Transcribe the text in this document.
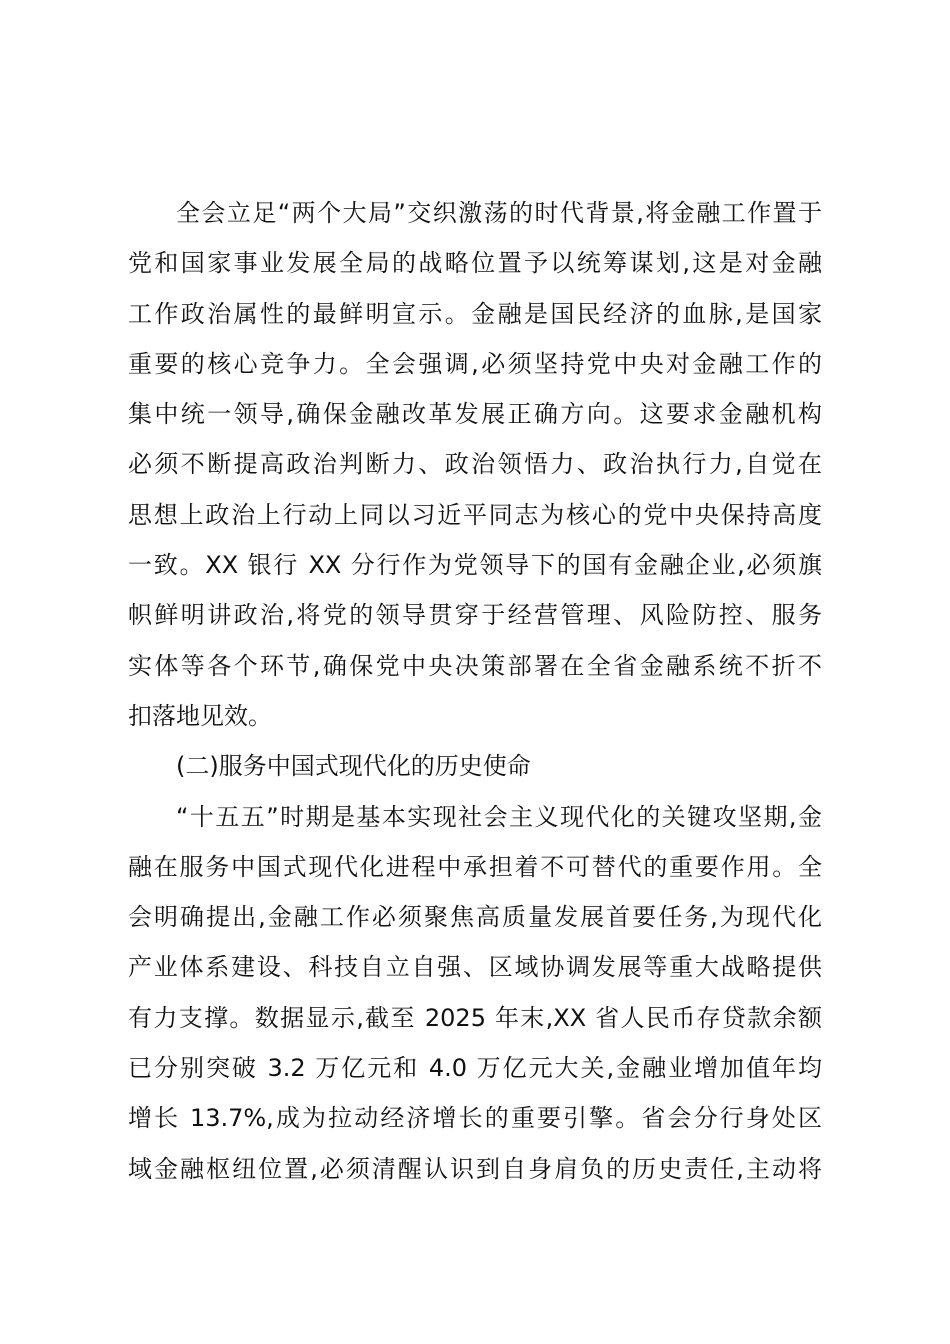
全会立足“两个大局”交织激荡的时代背景,将金融工作置于
党和国家事业发展全局的战略位置予以统筹谋划,这是对金融
工作政治属性的最鲜明宣示。金融是国民经济的血脉,是国家
重要的核心竞争力。全会强调,必须坚持党中央对金融工作的
集中统一领导,确保金融改革发展正确方向。这要求金融机构
必须不断提高政治判断力、政治领悟力、政治执行力,自觉在
思想上政治上行动上同以习近平同志为核心的党中央保持高度
一致。XX 银行 XX 分行作为党领导下的国有金融企业,必须旗
帜鲜明讲政治,将党的领导贯穿于经营管理、风险防控、服务
实体等各个环节,确保党中央决策部署在全省金融系统不折不
扣落地见效。
(二)服务中国式现代化的历史使命
“十五五”时期是基本实现社会主义现代化的关键攻坚期,金
融在服务中国式现代化进程中承担着不可替代的重要作用。全
会明确提出,金融工作必须聚焦高质量发展首要任务,为现代化
产业体系建设、科技自立自强、区域协调发展等重大战略提供
有力支撑。数据显示,截至 2025 年末,XX 省人民币存贷款余额
已分别突破 3.2 万亿元和 4.0 万亿元大关,金融业增加值年均
增长 13.7%,成为拉动经济增长的重要引擎。省会分行身处区
域金融枢纽位置,必须清醒认识到自身肩负的历史责任,主动将
